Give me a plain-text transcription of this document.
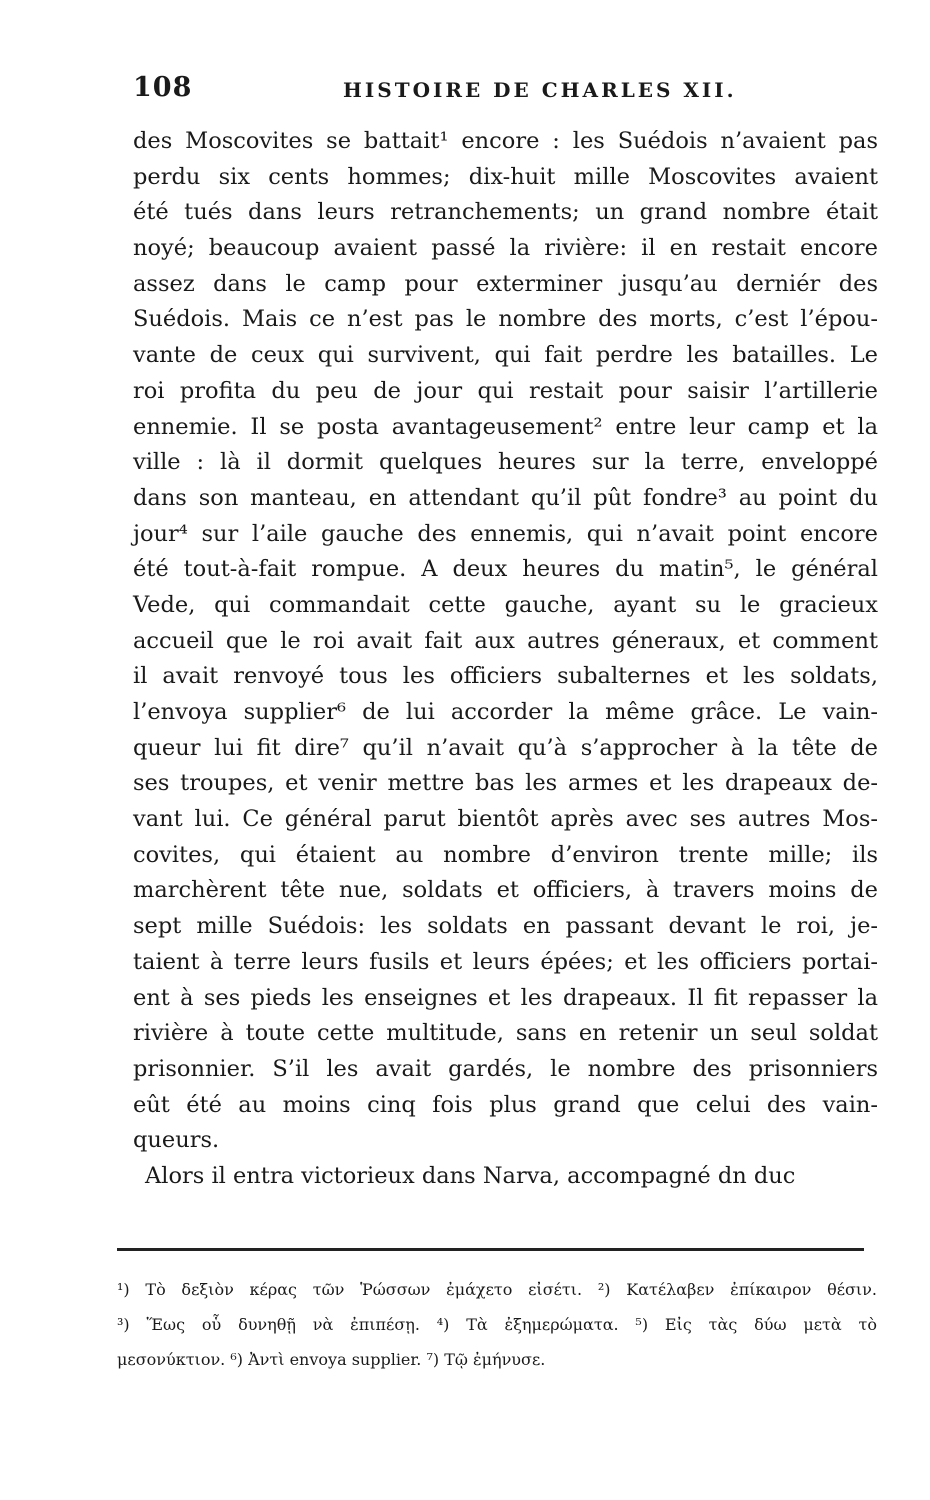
108	HISTOIRE DE CHARLES XII.
des Moscovites se battait¹ encore : les Suédois n’avaient pas
perdu six cents hommes; dix-huit mille Moscovites avaient
été tués dans leurs retranchements; un grand nombre était
noyé; beaucoup avaient passé la rivière: il en restait encore
assez dans le camp pour exterminer jusqu’au derniér des
Suédois. Mais ce n’est pas le nombre des morts, c’est l’épou-
vante de ceux qui survivent, qui fait perdre les batailles. Le
roi profita du peu de jour qui restait pour saisir l’artillerie
ennemie. Il se posta avantageusement² entre leur camp et la
ville : là il dormit quelques heures sur la terre, enveloppé
dans son manteau, en attendant qu’il pût fondre³ au point du
jour⁴ sur l’aile gauche des ennemis, qui n’avait point encore
été tout-à-fait rompue. A deux heures du matin⁵, le général
Vede, qui commandait cette gauche, ayant su le gracieux
accueil que le roi avait fait aux autres géneraux, et comment
il avait renvoyé tous les officiers subalternes et les soldats,
l’envoya supplier⁶ de lui accorder la même grâce. Le vain-
queur lui fit dire⁷ qu’il n’avait qu’à s’approcher à la tête de
ses troupes, et venir mettre bas les armes et les drapeaux de-
vant lui. Ce général parut bientôt après avec ses autres Mos-
covites, qui étaient au nombre d’environ trente mille; ils
marchèrent tête nue, soldats et officiers, à travers moins de
sept mille Suédois: les soldats en passant devant le roi, je-
taient à terre leurs fusils et leurs épées; et les officiers portai-
ent à ses pieds les enseignes et les drapeaux. Il fit repasser la
rivière à toute cette multitude, sans en retenir un seul soldat
prisonnier. S’il les avait gardés, le nombre des prisonniers
eût été au moins cinq fois plus grand que celui des vain-
queurs.
Alors il entra victorieux dans Narva, accompagné dn duc
¹) Τὸ δεξιὸν κέρας τῶν Ῥώσσων ἐμάχετο εἰσέτι. ²) Κατέλαβεν ἐπίκαιρον θέσιν.
³) Ἕως οὗ δυνηθῇ νὰ ἐπιπέσῃ. ⁴) Τὰ ἐξημερώματα. ⁵) Εἰς τὰς δύω μετὰ τὸ
μεσονύκτιον. ⁶) Ἀντὶ envoya supplier. ⁷) Τῷ ἐμήνυσε.
